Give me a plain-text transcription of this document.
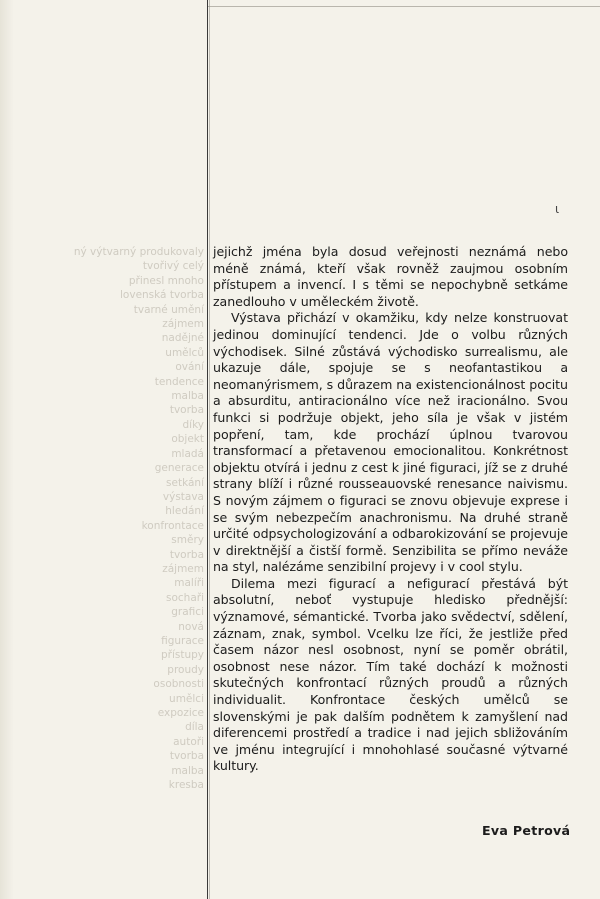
ný výtvarný produkovaly
tvořivý celý
přinesl mnoho
lovenská tvorba
tvarné umění
zájmem
nadějné
umělců
ování
tendence
malba
tvorba
díky
objekt
mladá
generace
setkání
výstava
hledání
konfrontace
směry
tvorba
zájmem
malíři
sochaři
grafici
nová
figurace
přístupy
proudy
osobnosti
umělci
expozice
díla
autoři
tvorba
malba
kresba
ι

jejichž jména byla dosud veřejnosti neznámá nebo méně známá, kteří však rovněž zaujmou osobním přístupem a invencí. I s těmi se nepochybně setkáme zanedlouho v uměleckém životě.

Výstava přichází v okamžiku, kdy nelze konstruovat jedinou dominující tendenci. Jde o volbu různých východisek. Silné zůstává východisko surrealismu, ale ukazuje dále, spojuje se s neofantastikou a neomanýrismem, s důrazem na existencionálnost pocitu a absurditu, antiracionálno více než iracionálno. Svou funkci si podržuje objekt, jeho síla je však v jistém popření, tam, kde prochází úplnou tvarovou transformací a přetavenou emocionalitou. Konkrétnost objektu otvírá i jednu z cest k jiné figuraci, jíž se z druhé strany blíží i různé rousseauovské renesance naivismu. S novým zájmem o figuraci se znovu objevuje exprese i se svým nebezpečím anachronismu. Na druhé straně určité odpsychologizování a odbarokizování se projevuje v direktnější a čistší formě. Senzibilita se přímo neváže na styl, nalézáme senzibilní projevy i v cool stylu.

Dilema mezi figurací a nefigurací přestává být absolutní, neboť vystupuje hledisko přednější: významové, sémantické. Tvorba jako svědectví, sdělení, záznam, znak, symbol. Vcelku lze říci, že jestliže před časem názor nesl osobnost, nyní se poměr obrátil, osobnost nese názor. Tím také dochází k možnosti skutečných konfrontací různých proudů a různých individualit. Konfrontace českých umělců se slovenskými je pak dalším podnětem k zamyšlení nad diferencemi prostředí a tradice i nad jejich sbližováním ve jménu integrující i mnohohlasé současné výtvarné kultury.

Eva Petrová
